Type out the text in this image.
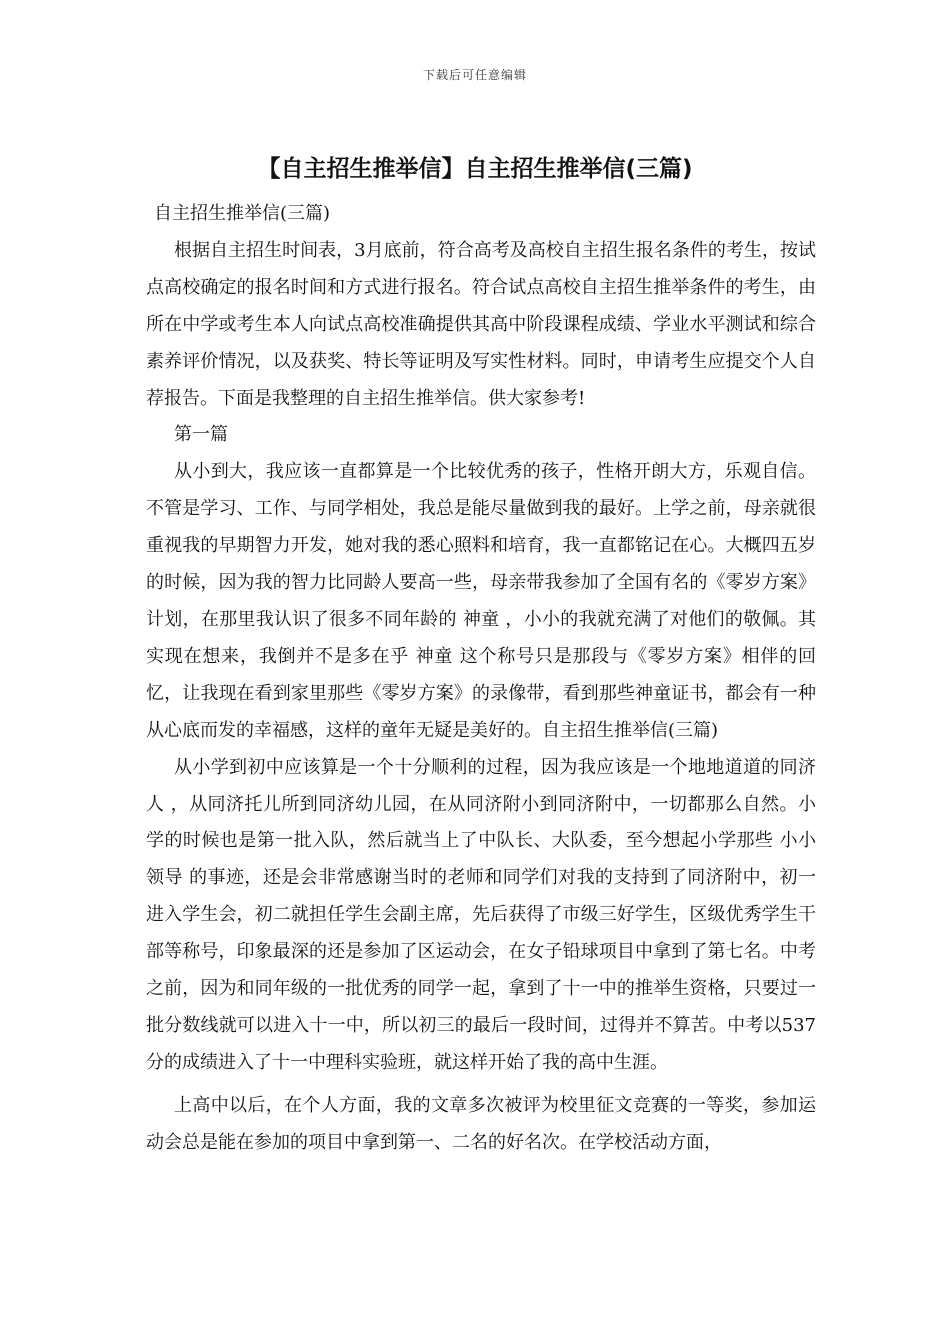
下载后可任意编辑
【自主招生推举信】自主招生推举信(三篇)

自主招生推举信(三篇)

根据自主招生时间表，3月底前，符合高考及高校自主招生报名条件的考生，按试点高校确定的报名时间和方式进行报名。符合试点高校自主招生推举条件的考生，由所在中学或考生本人向试点高校准确提供其高中阶段课程成绩、学业水平测试和综合素养评价情况，以及获奖、特长等证明及写实性材料。同时，申请考生应提交个人自荐报告。下面是我整理的自主招生推举信。供大家参考!

第一篇

从小到大，我应该一直都算是一个比较优秀的孩子，性格开朗大方，乐观自信。不管是学习、工作、与同学相处，我总是能尽量做到我的最好。上学之前，母亲就很重视我的早期智力开发，她对我的悉心照料和培育，我一直都铭记在心。大概四五岁的时候，因为我的智力比同龄人要高一些，母亲带我参加了全国有名的《零岁方案》计划，在那里我认识了很多不同年龄的 神童 ，小小的我就充满了对他们的敬佩。其实现在想来，我倒并不是多在乎 神童 这个称号只是那段与《零岁方案》相伴的回忆，让我现在看到家里那些《零岁方案》的录像带，看到那些神童证书，都会有一种从心底而发的幸福感，这样的童年无疑是美好的。自主招生推举信(三篇)

从小学到初中应该算是一个十分顺利的过程，因为我应该是一个地地道道的同济人 ，从同济托儿所到同济幼儿园，在从同济附小到同济附中，一切都那么自然。小学的时候也是第一批入队，然后就当上了中队长、大队委，至今想起小学那些 小小领导 的事迹，还是会非常感谢当时的老师和同学们对我的支持到了同济附中，初一进入学生会，初二就担任学生会副主席，先后获得了市级三好学生，区级优秀学生干部等称号，印象最深的还是参加了区运动会，在女子铅球项目中拿到了第七名。中考之前，因为和同年级的一批优秀的同学一起，拿到了十一中的推举生资格，只要过一批分数线就可以进入十一中，所以初三的最后一段时间，过得并不算苦。中考以537分的成绩进入了十一中理科实验班，就这样开始了我的高中生涯。

上高中以后，在个人方面，我的文章多次被评为校里征文竞赛的一等奖，参加运动会总是能在参加的项目中拿到第一、二名的好名次。在学校活动方面，
